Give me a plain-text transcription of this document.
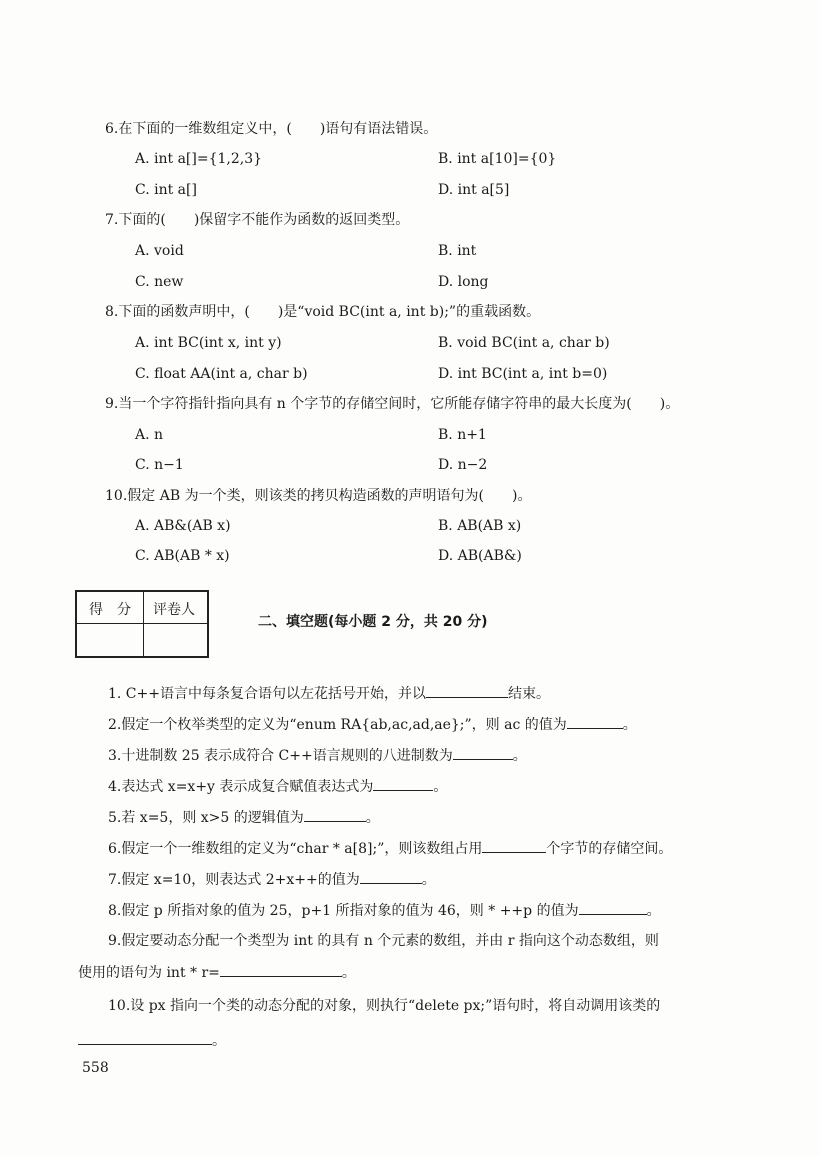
6.在下面的一维数组定义中，(　　)语句有语法错误。
A. int a[]={1,2,3}	B. int a[10]={0}
C. int a[]	D. int a[5]
7.下面的(　　)保留字不能作为函数的返回类型。
A. void	B. int
C. new	D. long
8.下面的函数声明中，(　　)是“void BC(int a, int b);”的重载函数。
A. int BC(int x, int y)	B. void BC(int a, char b)
C. float AA(int a, char b)	D. int BC(int a, int b=0)
9.当一个字符指针指向具有 n 个字节的存储空间时，它所能存储字符串的最大长度为(　　)。
A. n	B. n+1
C. n−1	D. n−2
10.假定 AB 为一个类，则该类的拷贝构造函数的声明语句为(　　)。
A. AB&(AB x)	B. AB(AB x)
C. AB(AB * x)	D. AB(AB&)
得　分 评卷人
二、填空题(每小题 2 分，共 20 分)
1. C++语言中每条复合语句以左花括号开始，并以	结束。
2.假定一个枚举类型的定义为“enum RA{ab,ac,ad,ae};”，则 ac 的值为	。
3.十进制数 25 表示成符合 C++语言规则的八进制数为	。
4.表达式 x=x+y 表示成复合赋值表达式为	。
5.若 x=5，则 x>5 的逻辑值为	。
6.假定一个一维数组的定义为“char * a[8];”，则该数组占用	个字节的存储空间。
7.假定 x=10，则表达式 2+x++的值为	。
8.假定 p 所指对象的值为 25，p+1 所指对象的值为 46，则 * ++p 的值为	。
9.假定要动态分配一个类型为 int 的具有 n 个元素的数组，并由 r 指向这个动态数组，则
使用的语句为 int * r=	。
10.设 px 指向一个类的动态分配的对象，则执行“delete px;”语句时，将自动调用该类的
。
558
